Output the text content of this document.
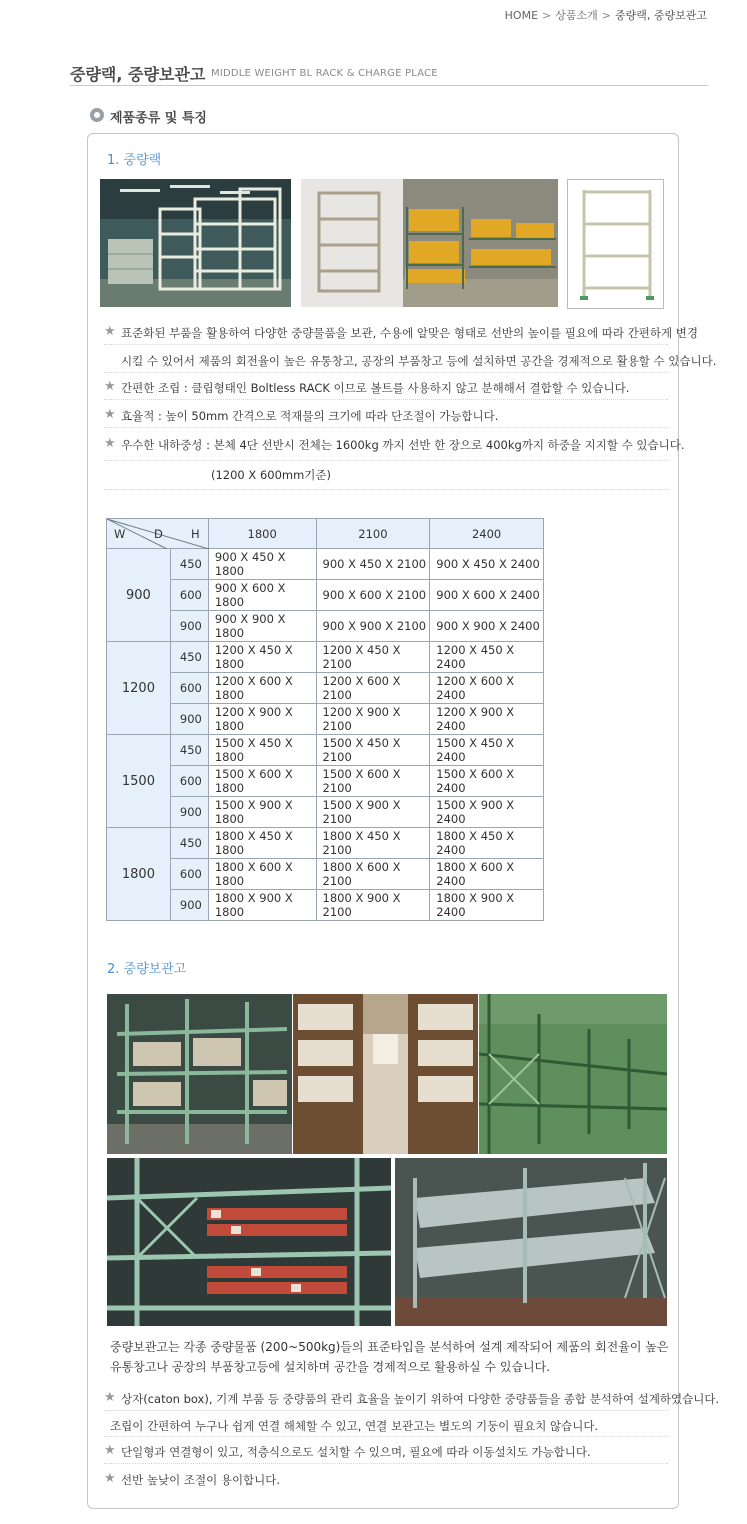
HOME > 상품소개 > 중량랙, 중량보관고
중량랙, 중량보관고 MIDDLE WEIGHT BL RACK & CHARGE PLACE
제품종류 및 특징
1. 중량랙
★ 표준화된 부품을 활용하여 다양한 중량물품을 보관, 수용에 알맞은 형태로 선반의 높이를 필요에 따라 간편하게 변경
시킬 수 있어서 제품의 회전율이 높은 유통창고, 공장의 부품창고 등에 설치하면 공간을 경제적으로 활용할 수 있습니다.
★ 간편한 조립 : 클립형태인 Boltless RACK 이므로 볼트를 사용하지 않고 분해해서 결합할 수 있습니다.
★ 효율적 : 높이 50mm 간격으로 적재물의 크기에 따라 단조절이 가능합니다.
★ 우수한 내하중성 : 본체 4단 선반시 전체는 1600kg 까지 선반 한 장으로 400kg까지 하중을 지지할 수 있습니다.
(1200 X 600mm기준)
W D H		1800	2100	2400
900	450	900 X 450 X 1800	900 X 450 X 2100	900 X 450 X 2400
	600	900 X 600 X 1800	900 X 600 X 2100	900 X 600 X 2400
	900	900 X 900 X 1800	900 X 900 X 2100	900 X 900 X 2400
1200	450	1200 X 450 X 1800	1200 X 450 X 2100	1200 X 450 X 2400
	600	1200 X 600 X 1800	1200 X 600 X 2100	1200 X 600 X 2400
	900	1200 X 900 X 1800	1200 X 900 X 2100	1200 X 900 X 2400
1500	450	1500 X 450 X 1800	1500 X 450 X 2100	1500 X 450 X 2400
	600	1500 X 600 X 1800	1500 X 600 X 2100	1500 X 600 X 2400
	900	1500 X 900 X 1800	1500 X 900 X 2100	1500 X 900 X 2400
1800	450	1800 X 450 X 1800	1800 X 450 X 2100	1800 X 450 X 2400
	600	1800 X 600 X 1800	1800 X 600 X 2100	1800 X 600 X 2400
	900	1800 X 900 X 1800	1800 X 900 X 2100	1800 X 900 X 2400
2. 중량보관고
중량보관고는 각종 중량물품 (200~500kg)들의 표준타입을 분석하여 설계 제작되어 제품의 회전율이 높은
유통창고나 공장의 부품창고등에 설치하며 공간을 경제적으로 활용하실 수 있습니다.
★ 상자(caton box), 기계 부품 등 중량품의 관리 효율을 높이기 위하여 다양한 중량품들을 종합 분석하여 설계하였습니다.
조립이 간편하여 누구나 쉽게 연결 해체할 수 있고, 연결 보관고는 별도의 기둥이 필요치 않습니다.
★ 단일형과 연결형이 있고, 적층식으로도 설치할 수 있으며, 필요에 따라 이동설치도 가능합니다.
★ 선반 높낮이 조절이 용이합니다.
